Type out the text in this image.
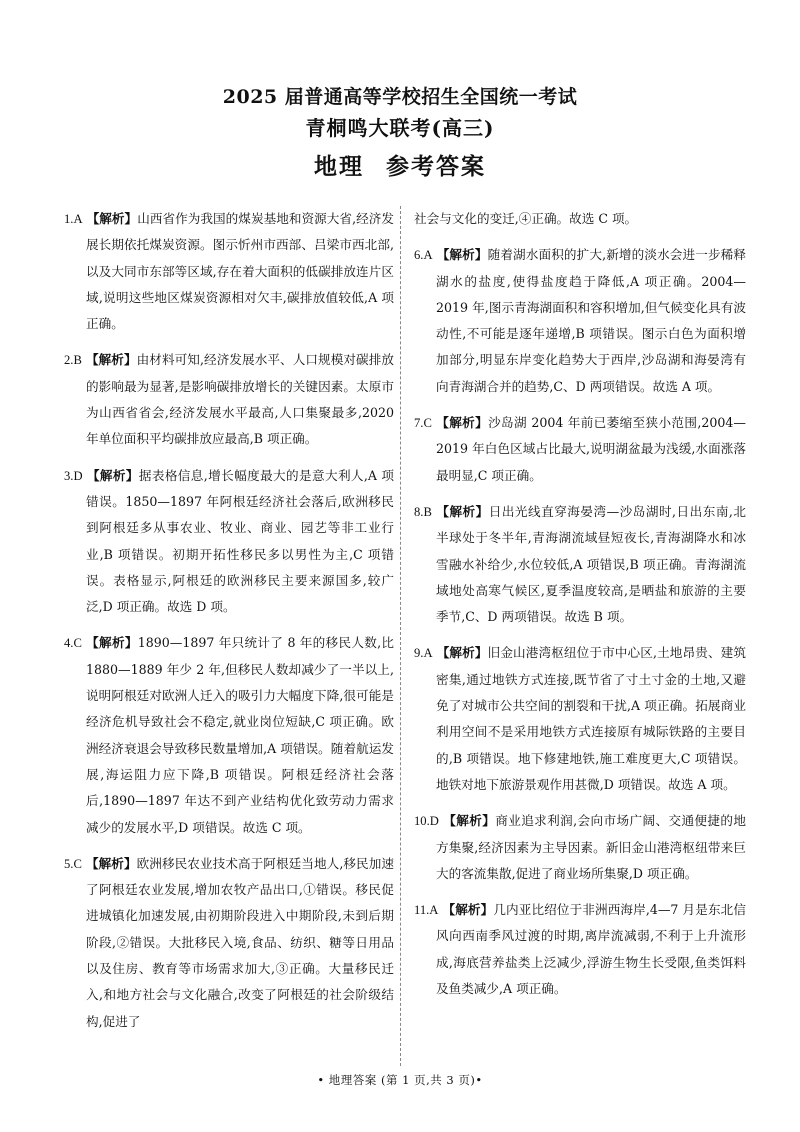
2025 届普通高等学校招生全国统一考试
青桐鸣大联考(高三)
地理 参考答案
1.A 【解析】山西省作为我国的煤炭基地和资源大省,经济发展长期依托煤炭资源。图示忻州市西部、吕梁市西北部,以及大同市东部等区域,存在着大面积的低碳排放连片区域,说明这些地区煤炭资源相对欠丰,碳排放值较低,A 项正确。
2.B 【解析】由材料可知,经济发展水平、人口规模对碳排放的影响最为显著,是影响碳排放增长的关键因素。太原市为山西省省会,经济发展水平最高,人口集聚最多,2020 年单位面积平均碳排放应最高,B 项正确。
3.D 【解析】据表格信息,增长幅度最大的是意大利人,A 项错误。1850—1897 年阿根廷经济社会落后,欧洲移民到阿根廷多从事农业、牧业、商业、园艺等非工业行业,B 项错误。初期开拓性移民多以男性为主,C 项错误。表格显示,阿根廷的欧洲移民主要来源国多,较广泛,D 项正确。故选 D 项。
4.C 【解析】1890—1897 年只统计了 8 年的移民人数,比 1880—1889 年少 2 年,但移民人数却减少了一半以上,说明阿根廷对欧洲人迁入的吸引力大幅度下降,很可能是经济危机导致社会不稳定,就业岗位短缺,C 项正确。欧洲经济衰退会导致移民数量增加,A 项错误。随着航运发展,海运阻力应下降,B 项错误。阿根廷经济社会落后,1890—1897 年达不到产业结构优化致劳动力需求减少的发展水平,D 项错误。故选 C 项。
5.C 【解析】欧洲移民农业技术高于阿根廷当地人,移民加速了阿根廷农业发展,增加农牧产品出口,①错误。移民促进城镇化加速发展,由初期阶段进入中期阶段,未到后期阶段,②错误。大批移民入境,食品、纺织、糖等日用品以及住房、教育等市场需求加大,③正确。大量移民迁入,和地方社会与文化融合,改变了阿根廷的社会阶级结构,促进了
社会与文化的变迁,④正确。故选 C 项。
6.A 【解析】随着湖水面积的扩大,新增的淡水会进一步稀释湖水的盐度,使得盐度趋于降低,A 项正确。2004—2019 年,图示青海湖面积和容积增加,但气候变化具有波动性,不可能是逐年递增,B 项错误。图示白色为面积增加部分,明显东岸变化趋势大于西岸,沙岛湖和海晏湾有向青海湖合并的趋势,C、D 两项错误。故选 A 项。
7.C 【解析】沙岛湖 2004 年前已萎缩至狭小范围,2004—2019 年白色区域占比最大,说明湖盆最为浅缓,水面涨落最明显,C 项正确。
8.B 【解析】日出光线直穿海晏湾—沙岛湖时,日出东南,北半球处于冬半年,青海湖流域昼短夜长,青海湖降水和冰雪融水补给少,水位较低,A 项错误,B 项正确。青海湖流域地处高寒气候区,夏季温度较高,是晒盐和旅游的主要季节,C、D 两项错误。故选 B 项。
9.A 【解析】旧金山港湾枢纽位于市中心区,土地昂贵、建筑密集,通过地铁方式连接,既节省了寸土寸金的土地,又避免了对城市公共空间的割裂和干扰,A 项正确。拓展商业利用空间不是采用地铁方式连接原有城际铁路的主要目的,B 项错误。地下修建地铁,施工难度更大,C 项错误。地铁对地下旅游景观作用甚微,D 项错误。故选 A 项。
10.D 【解析】商业追求利润,会向市场广阔、交通便捷的地方集聚,经济因素为主导因素。新旧金山港湾枢纽带来巨大的客流集散,促进了商业场所集聚,D 项正确。
11.A 【解析】几内亚比绍位于非洲西海岸,4—7 月是东北信风向西南季风过渡的时期,离岸流减弱,不利于上升流形成,海底营养盐类上泛减少,浮游生物生长受限,鱼类饵料及鱼类减少,A 项正确。
• 地理答案 (第 1 页,共 3 页)•
